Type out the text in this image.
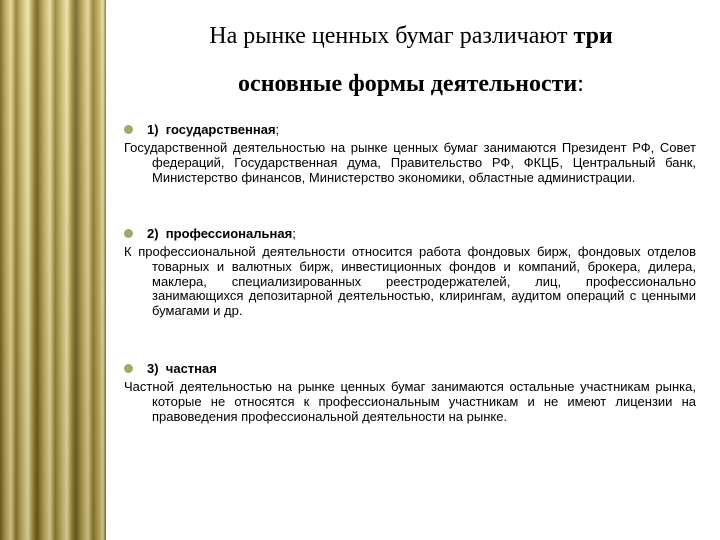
На рынке ценных бумаг различают три
основные формы деятельности:
1) государственная;
Государственной деятельностью на рынке ценных бумаг занимаются Президент РФ, Совет федераций, Государственная дума, Правительство РФ, ФКЦБ, Центральный банк, Министерство финансов, Министерство экономики, областные администрации.
2) профессиональная;
К профессиональной деятельности относится работа фондовых бирж, фондовых отделов товарных и валютных бирж, инвестиционных фондов и компаний, брокера, дилера, маклера, специализированных реестродержателей, лиц, профессионально занимающихся депозитарной деятельностью, клирингам, аудитом операций с ценными бумагами и др.
3) частная
Частной деятельностью на рынке ценных бумаг занимаются остальные участникам рынка, которые не относятся к профессиональным участникам и не имеют лицензии на правоведения профессиональной деятельности на рынке.
